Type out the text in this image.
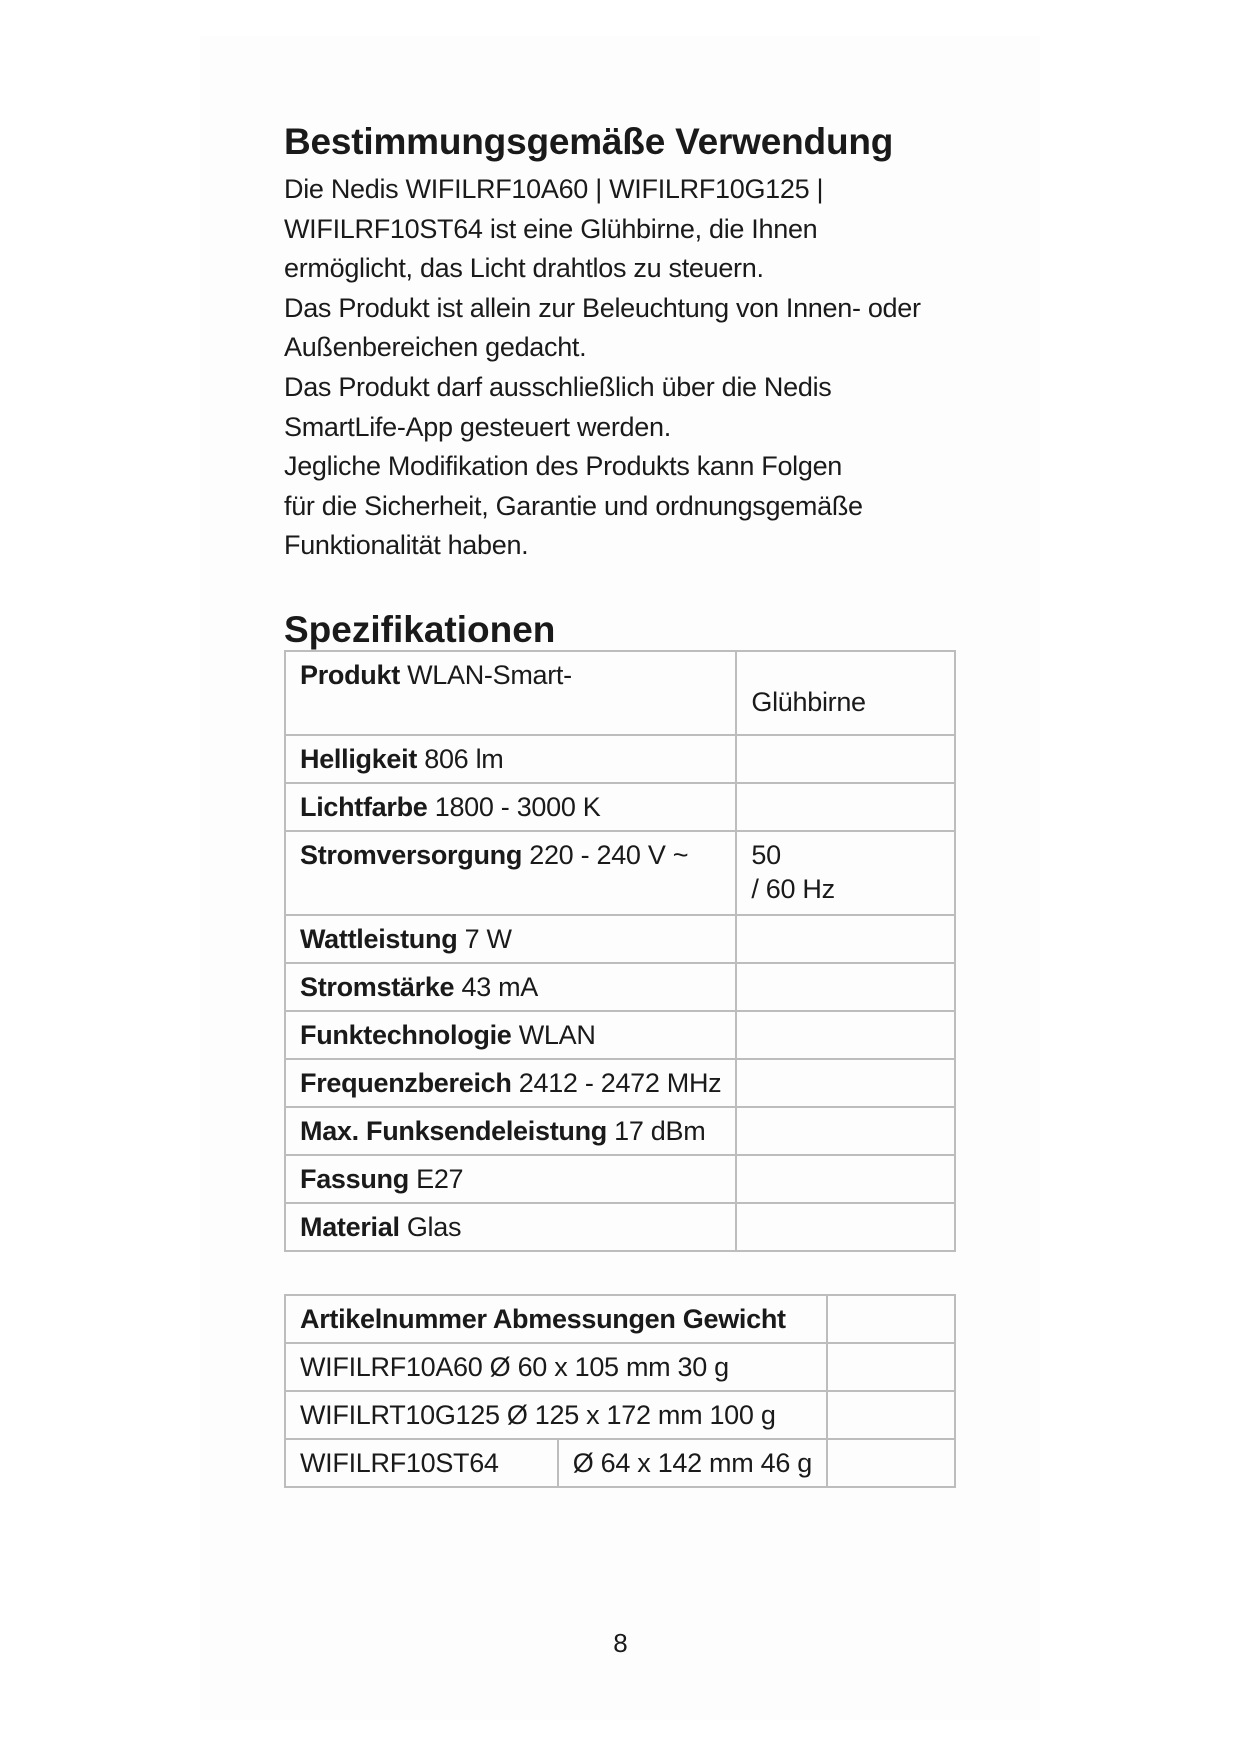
Bestimmungsgemäße Verwendung

Die Nedis WIFILRF10A60 | WIFILRF10G125 |

WIFILRF10ST64 ist eine Glühbirne, die Ihnen

ermöglicht, das Licht drahtlos zu steuern.

Das Produkt ist allein zur Beleuchtung von Innen- oder

Außenbereichen gedacht.

Das Produkt darf ausschließlich über die Nedis

SmartLife-App gesteuert werden.

Jegliche Modifikation des Produkts kann Folgen

für die Sicherheit, Garantie und ordnungsgemäße

Funktionalität haben.

Spezifikationen
Produkt WLAN-Smart-	Glühbirne

Helligkeit 806 lm	
Lichtfarbe 1800 - 3000 K	
Stromversorgung 220 - 240 V ~	50
/ 60 Hz

Wattleistung 7 W	
Stromstärke 43 mA	
Funktechnologie WLAN	
Frequenzbereich 2412 - 2472 MHz	
Max. Funksendeleistung 17 dBm	
Fassung E27	
Material Glas	
Artikelnummer Abmessungen Gewicht		
WIFILRF10A60 Ø 60 x 105 mm 30 g		
WIFILRT10G125 Ø 125 x 172 mm 100 g		
WIFILRF10ST64	Ø 64 x 142 mm 46 g	
8
